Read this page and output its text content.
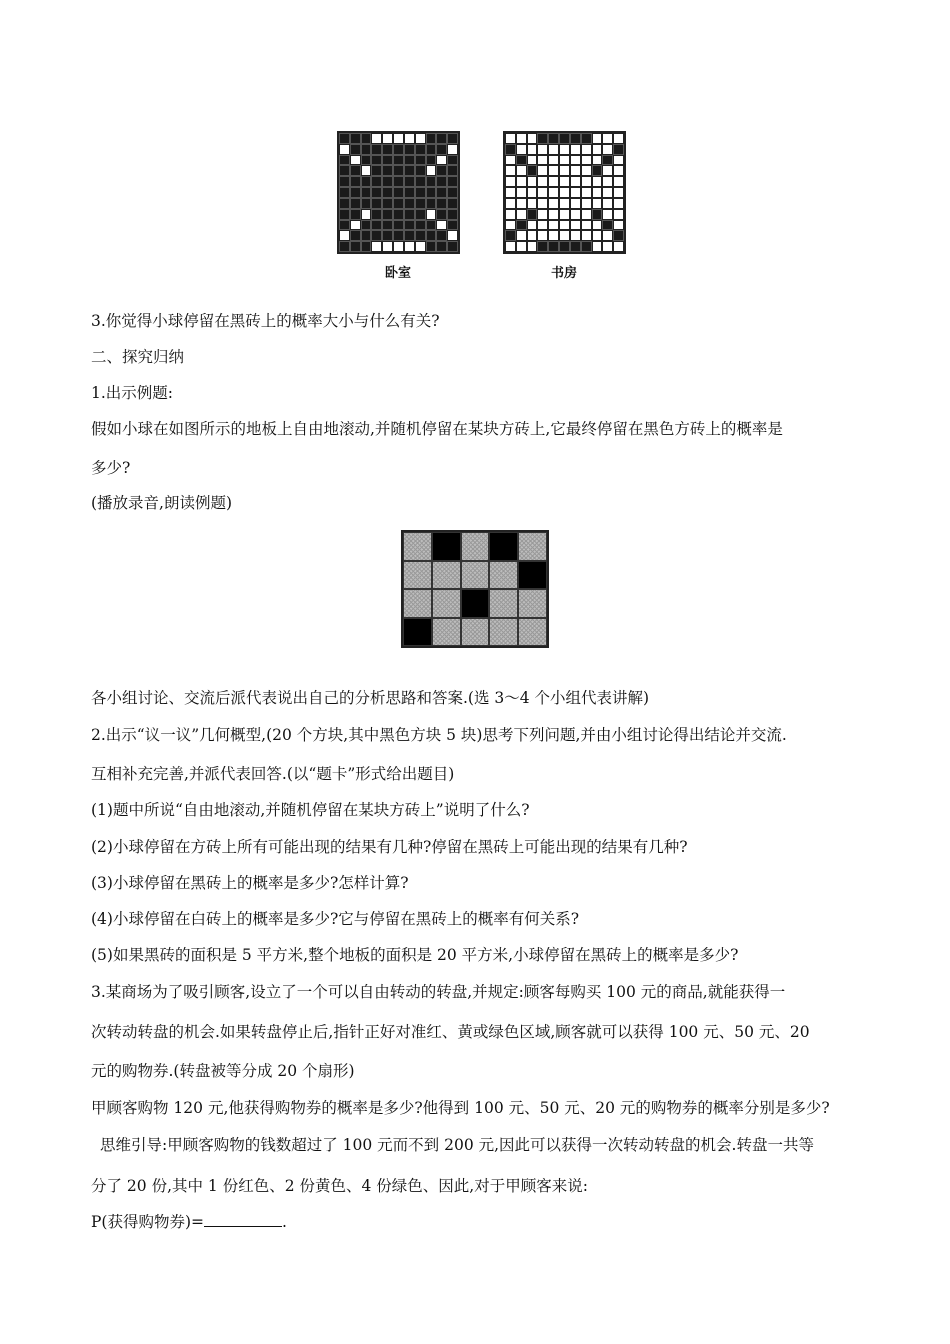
卧室	书房
3.你觉得小球停留在黑砖上的概率大小与什么有关?
二、探究归纳
1.出示例题:
假如小球在如图所示的地板上自由地滚动,并随机停留在某块方砖上,它最终停留在黑色方砖上的概率是
多少?
(播放录音,朗读例题)
各小组讨论、交流后派代表说出自己的分析思路和答案.(选 3～4 个小组代表讲解)
2.出示“议一议”几何概型,(20 个方块,其中黑色方块 5 块)思考下列问题,并由小组讨论得出结论并交流.
互相补充完善,并派代表回答.(以“题卡”形式给出题目)
(1)题中所说“自由地滚动,并随机停留在某块方砖上”说明了什么?
(2)小球停留在方砖上所有可能出现的结果有几种?停留在黑砖上可能出现的结果有几种?
(3)小球停留在黑砖上的概率是多少?怎样计算?
(4)小球停留在白砖上的概率是多少?它与停留在黑砖上的概率有何关系?
(5)如果黑砖的面积是 5 平方米,整个地板的面积是 20 平方米,小球停留在黑砖上的概率是多少?
3.某商场为了吸引顾客,设立了一个可以自由转动的转盘,并规定:顾客每购买 100 元的商品,就能获得一
次转动转盘的机会.如果转盘停止后,指针正好对准红、黄或绿色区域,顾客就可以获得 100 元、50 元、20
元的购物券.(转盘被等分成 20 个扇形)
甲顾客购物 120 元,他获得购物券的概率是多少?他得到 100 元、50 元、20 元的购物券的概率分别是多少?
思维引导:甲顾客购物的钱数超过了 100 元而不到 200 元,因此可以获得一次转动转盘的机会.转盘一共等
分了 20 份,其中 1 份红色、2 份黄色、4 份绿色、因此,对于甲顾客来说:
P(获得购物券)=	.
